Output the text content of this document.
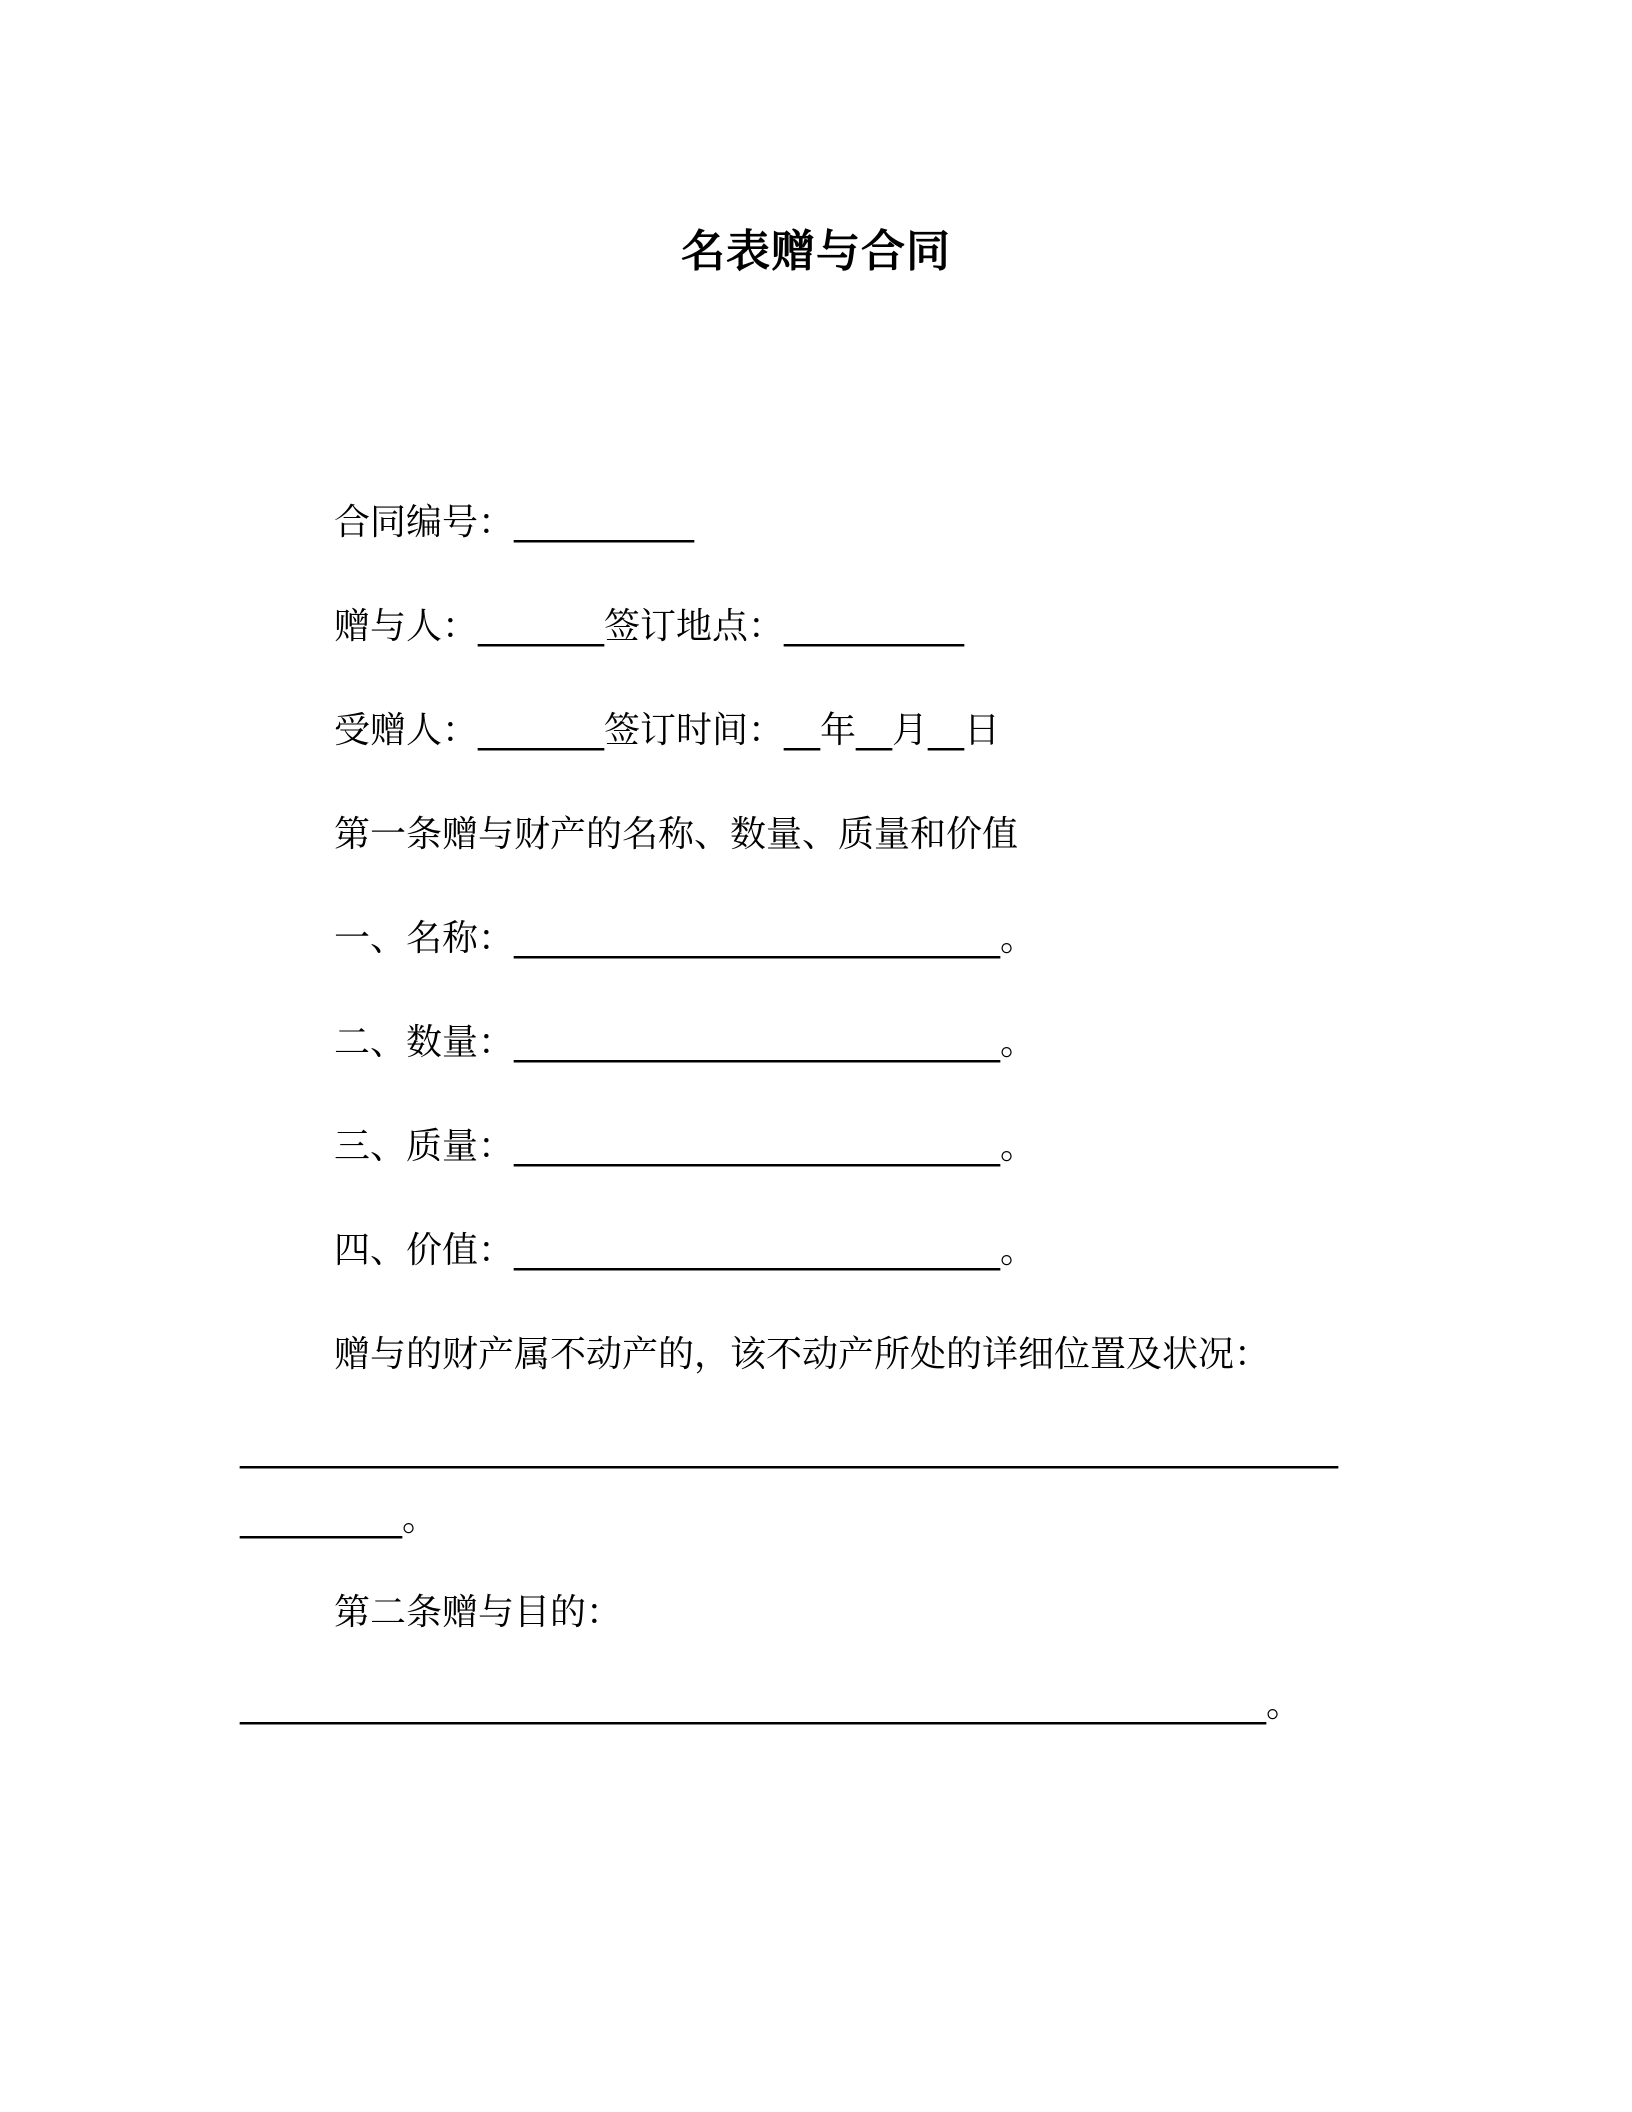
名表赠与合同
合同编号：__________
赠与人：_______签订地点：__________
受赠人：_______签订时间：__年__月__日
第一条赠与财产的名称、数量、质量和价值
一、名称：___________________________。
二、数量：___________________________。
三、质量：___________________________。
四、价值：___________________________。
赠与的财产属不动产的，该不动产所处的详细位置及状况：
_____________________________________________________________
_________。
第二条赠与目的：
_________________________________________________________。
